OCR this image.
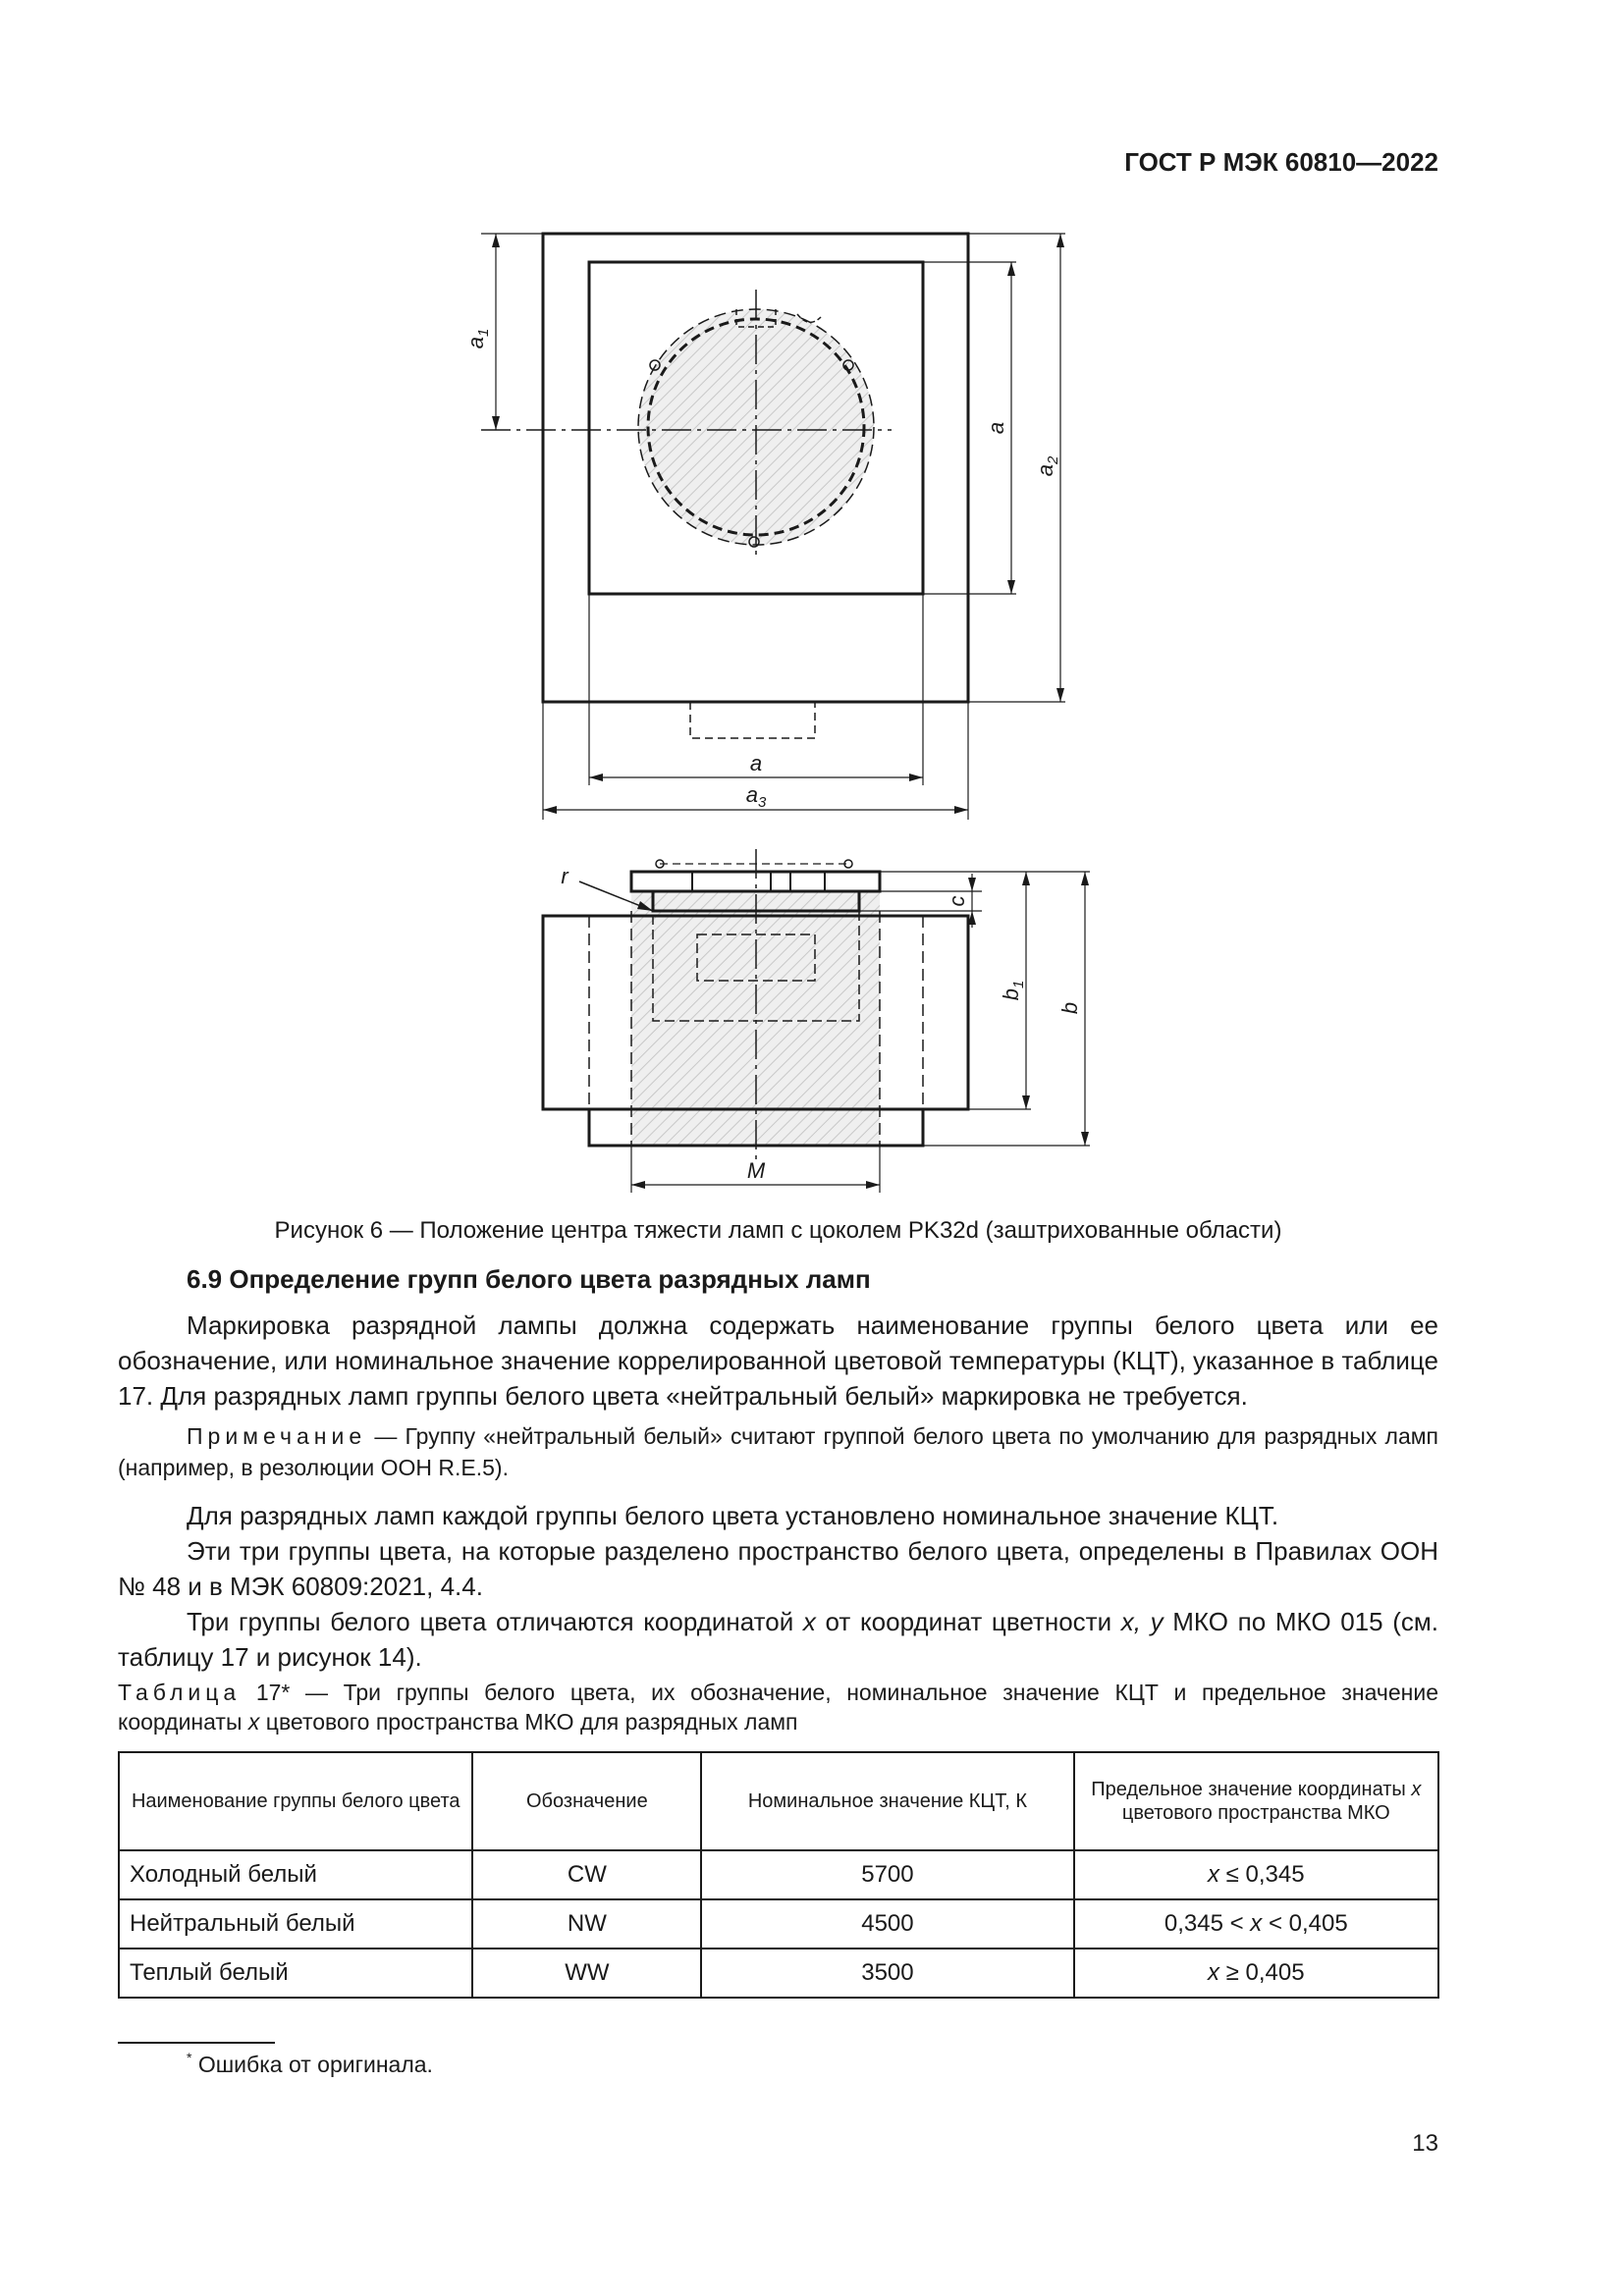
ГОСТ Р МЭК 60810—2022
$a_1$
a
$a_2$
a
$a_3$
r
c
$b_1$
b
M
Рисунок 6 — Положение центра тяжести ламп с цоколем PK32d (заштрихованные области)
6.9 Определение групп белого цвета разрядных ламп

Маркировка разрядной лампы должна содержать наименование группы белого цвета или ее обозначение, или номинальное значение коррелированной цветовой температуры (КЦТ), указанное в таблице 17. Для разрядных ламп группы белого цвета «нейтральный белый» маркировка не требуется.

Примечание — Группу «нейтральный белый» считают группой белого цвета по умолчанию для разрядных ламп (например, в резолюции ООН R.E.5).

Для разрядных ламп каждой группы белого цвета установлено номинальное значение КЦТ.

Эти три группы цвета, на которые разделено пространство белого цвета, определены в Правилах ООН № 48 и в МЭК 60809:2021, 4.4.

Три группы белого цвета отличаются координатой x от координат цветности x, y МКО по МКО 015 (см. таблицу 17 и рисунок 14).

Таблица 17* — Три группы белого цвета, их обозначение, номинальное значение КЦТ и предельное значение координаты x цветового пространства МКО для разрядных ламп

Наименование группы белого цвета	Обозначение	Номинальное значение КЦТ, К	Предельное значение координаты x цветового пространства МКО
Холодный белый	CW	5700	x ≤ 0,345
Нейтральный белый	NW	4500	0,345 < x < 0,405
Теплый белый	WW	3500	x ≥ 0,405
* Ошибка от оригинала.
13
